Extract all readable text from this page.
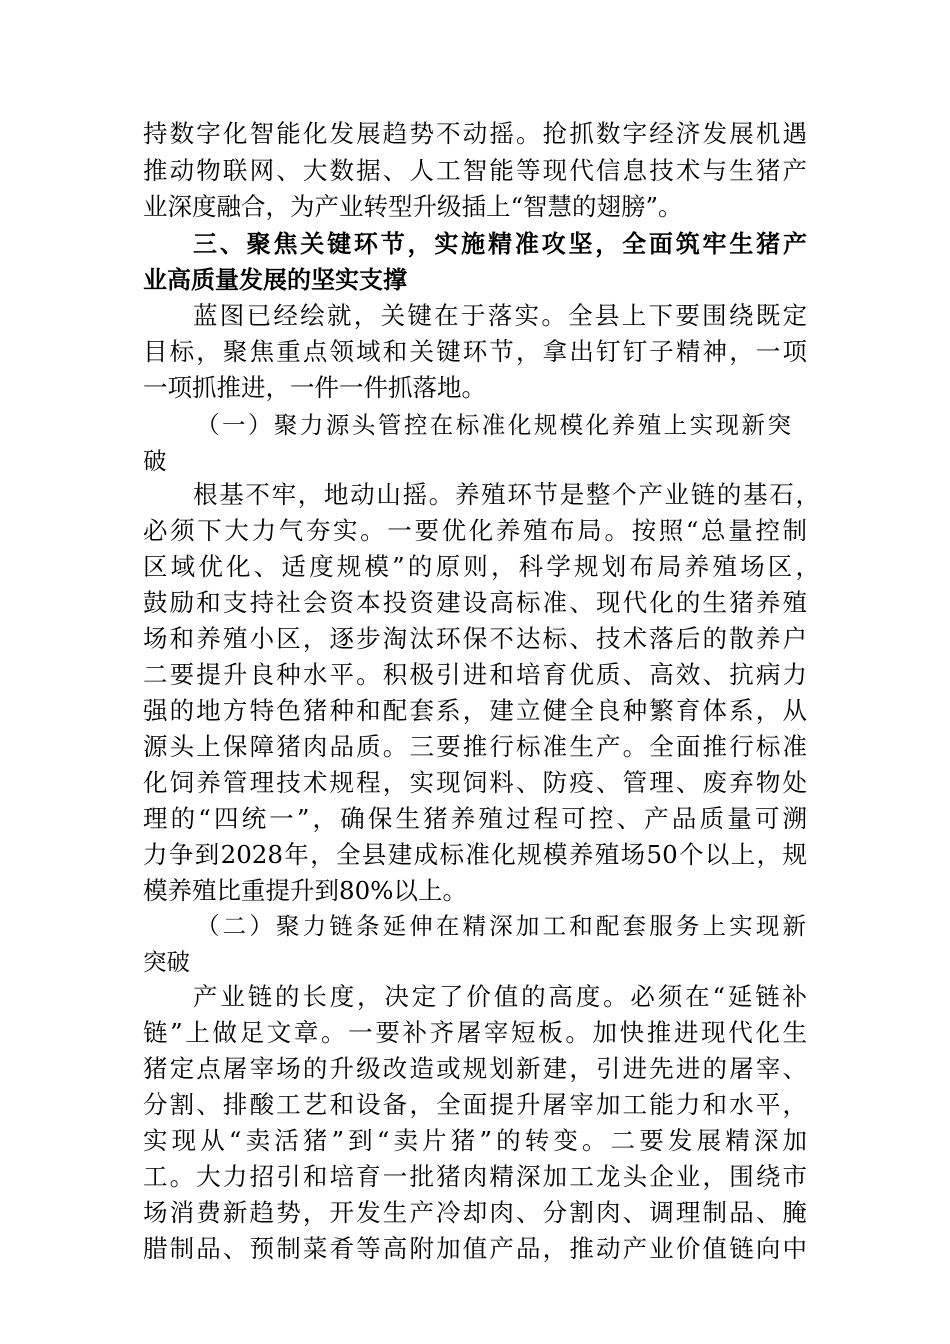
持数字化智能化发展趋势不动摇。抢抓数字经济发展机遇
推动物联网、大数据、人工智能等现代信息技术与生猪产
业深度融合，为产业转型升级插上“智慧的翅膀”。
三、聚焦关键环节，实施精准攻坚，全面筑牢生猪产
业高质量发展的坚实支撑
蓝图已经绘就，关键在于落实。全县上下要围绕既定
目标，聚焦重点领域和关键环节，拿出钉钉子精神，一项
一项抓推进，一件一件抓落地。
（一）聚力源头管控在标准化规模化养殖上实现新突
破
根基不牢，地动山摇。养殖环节是整个产业链的基石，
必须下大力气夯实。一要优化养殖布局。按照“总量控制
区域优化、适度规模”的原则，科学规划布局养殖场区，
鼓励和支持社会资本投资建设高标准、现代化的生猪养殖
场和养殖小区，逐步淘汰环保不达标、技术落后的散养户
二要提升良种水平。积极引进和培育优质、高效、抗病力
强的地方特色猪种和配套系，建立健全良种繁育体系，从
源头上保障猪肉品质。三要推行标准生产。全面推行标准
化饲养管理技术规程，实现饲料、防疫、管理、废弃物处
理的“四统一”，确保生猪养殖过程可控、产品质量可溯
力争到2028年，全县建成标准化规模养殖场50个以上，规
模养殖比重提升到80%以上。
（二）聚力链条延伸在精深加工和配套服务上实现新
突破
产业链的长度，决定了价值的高度。必须在“延链补
链”上做足文章。一要补齐屠宰短板。加快推进现代化生
猪定点屠宰场的升级改造或规划新建，引进先进的屠宰、
分割、排酸工艺和设备，全面提升屠宰加工能力和水平，
实现从“卖活猪”到“卖片猪”的转变。二要发展精深加
工。大力招引和培育一批猪肉精深加工龙头企业，围绕市
场消费新趋势，开发生产冷却肉、分割肉、调理制品、腌
腊制品、预制菜肴等高附加值产品，推动产业价值链向中
